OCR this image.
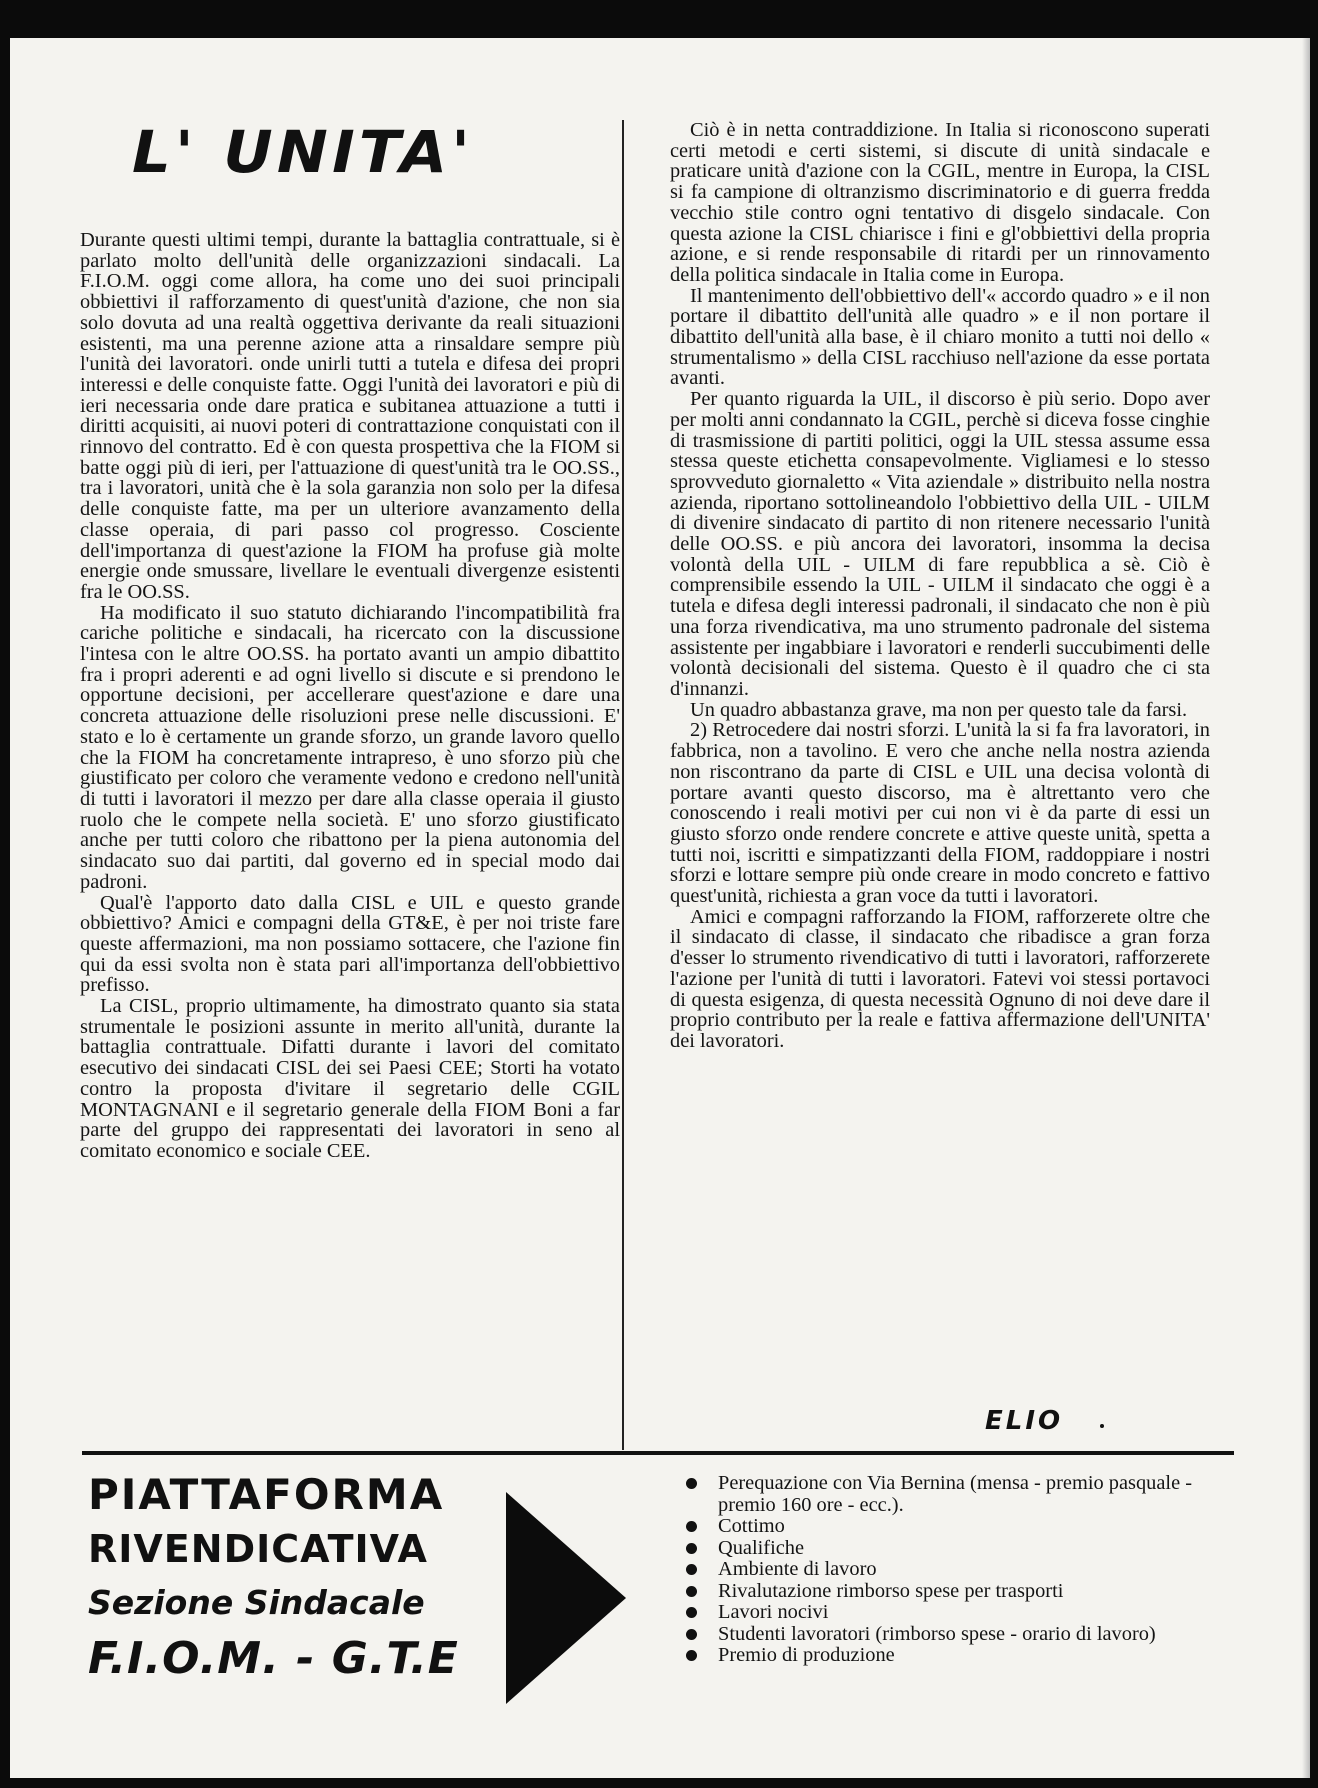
L' UNITA'

Durante questi ultimi tempi, durante la battaglia contrattuale, si è parlato molto dell'unità delle organizzazioni sindacali. La F.I.O.M. oggi come allora, ha come uno dei suoi principali obbiettivi il rafforzamento di quest'unità d'azione, che non sia solo dovuta ad una realtà oggettiva derivante da reali situazioni esistenti, ma una perenne azione atta a rinsaldare sempre più l'unità dei lavoratori. onde unirli tutti a tutela e difesa dei propri interessi e delle conquiste fatte. Oggi l'unità dei lavoratori e più di ieri necessaria onde dare pratica e subitanea attuazione a tutti i diritti acquisiti, ai nuovi poteri di contrattazione conquistati con il rinnovo del contratto. Ed è con questa prospettiva che la FIOM si batte oggi più di ieri, per l'attuazione di quest'unità tra le OO.SS., tra i lavoratori, unità che è la sola garanzia non solo per la difesa delle conquiste fatte, ma per un ulteriore avanzamento della classe operaia, di pari passo col progresso. Cosciente dell'importanza di quest'azione la FIOM ha profuse già molte energie onde smussare, livellare le eventuali divergenze esistenti fra le OO.SS.

Ha modificato il suo statuto dichiarando l'incompatibilità fra cariche politiche e sindacali, ha ricercato con la discussione l'intesa con le altre OO.SS. ha portato avanti un ampio dibattito fra i propri aderenti e ad ogni livello si discute e si prendono le opportune decisioni, per accellerare quest'azione e dare una concreta attuazione delle risoluzioni prese nelle discussioni. E' stato e lo è certamente un grande sforzo, un grande lavoro quello che la FIOM ha concretamente intrapreso, è uno sforzo più che giustificato per coloro che veramente vedono e credono nell'unità di tutti i lavoratori il mezzo per dare alla classe operaia il giusto ruolo che le compete nella società. E' uno sforzo giustificato anche per tutti coloro che ribattono per la piena autonomia del sindacato suo dai partiti, dal governo ed in special modo dai padroni.

Qual'è l'apporto dato dalla CISL e UIL e questo grande obbiettivo? Amici e compagni della GT&E, è per noi triste fare queste affermazioni, ma non possiamo sottacere, che l'azione fin qui da essi svolta non è stata pari all'importanza dell'obbiettivo prefisso.

La CISL, proprio ultimamente, ha dimostrato quanto sia stata strumentale le posizioni assunte in merito all'unità, durante la battaglia contrattuale. Difatti durante i lavori del comitato esecutivo dei sindacati CISL dei sei Paesi CEE; Storti ha votato contro la proposta d'ivitare il segretario delle CGIL MONTAGNANI e il segretario generale della FIOM Boni a far parte del gruppo dei rappresentati dei lavoratori in seno al comitato economico e sociale CEE.

Ciò è in netta contraddizione. In Italia si riconoscono superati certi metodi e certi sistemi, si discute di unità sindacale e praticare unità d'azione con la CGIL, mentre in Europa, la CISL si fa campione di oltranzismo discriminatorio e di guerra fredda vecchio stile contro ogni tentativo di disgelo sindacale. Con questa azione la CISL chiarisce i fini e gl'obbiettivi della propria azione, e si rende responsabile di ritardi per un rinnovamento della politica sindacale in Italia come in Europa.

Il mantenimento dell'obbiettivo dell'« accordo quadro » e il non portare il dibattito dell'unità alle quadro » e il non portare il dibattito dell'unità alla base, è il chiaro monito a tutti noi dello « strumentalismo » della CISL racchiuso nell'azione da esse portata avanti.

Per quanto riguarda la UIL, il discorso è più serio. Dopo aver per molti anni condannato la CGIL, perchè si diceva fosse cinghie di trasmissione di partiti politici, oggi la UIL stessa assume essa stessa queste etichetta consapevolmente. Vigliamesi e lo stesso sprovveduto giornaletto « Vita aziendale » distribuito nella nostra azienda, riportano sottolineandolo l'obbiettivo della UIL - UILM di divenire sindacato di partito di non ritenere necessario l'unità delle OO.SS. e più ancora dei lavoratori, insomma la decisa volontà della UIL - UILM di fare repubblica a sè. Ciò è comprensibile essendo la UIL - UILM il sindacato che oggi è a tutela e difesa degli interessi padronali, il sindacato che non è più una forza rivendicativa, ma uno strumento padronale del sistema assistente per ingabbiare i lavoratori e renderli succubimenti delle volontà decisionali del sistema. Questo è il quadro che ci sta d'innanzi.

Un quadro abbastanza grave, ma non per questo tale da farsi.

2) Retrocedere dai nostri sforzi. L'unità la si fa fra lavoratori, in fabbrica, non a tavolino. E vero che anche nella nostra azienda non riscontrano da parte di CISL e UIL una decisa volontà di portare avanti questo discorso, ma è altrettanto vero che conoscendo i reali motivi per cui non vi è da parte di essi un giusto sforzo onde rendere concrete e attive queste unità, spetta a tutti noi, iscritti e simpatizzanti della FIOM, raddoppiare i nostri sforzi e lottare sempre più onde creare in modo concreto e fattivo quest'unità, richiesta a gran voce da tutti i lavoratori.

Amici e compagni rafforzando la FIOM, rafforzerete oltre che il sindacato di classe, il sindacato che ribadisce a gran forza d'esser lo strumento rivendicativo di tutti i lavoratori, rafforzerete l'azione per l'unità di tutti i lavoratori. Fatevi voi stessi portavoci di questa esigenza, di questa necessità Ognuno di noi deve dare il proprio contributo per la reale e fattiva affermazione dell'UNITA' dei lavoratori.

ELIO
PIATTAFORMA
RIVENDICATIVA
Sezione Sindacale
F.I.O.M. - G.T.E
Perequazione con Via Bernina (mensa - premio pasquale - premio 160 ore - ecc.).
Cottimo
Qualifiche
Ambiente di lavoro
Rivalutazione rimborso spese per trasporti
Lavori nocivi
Studenti lavoratori (rimborso spese - orario di lavoro)
Premio di produzione
